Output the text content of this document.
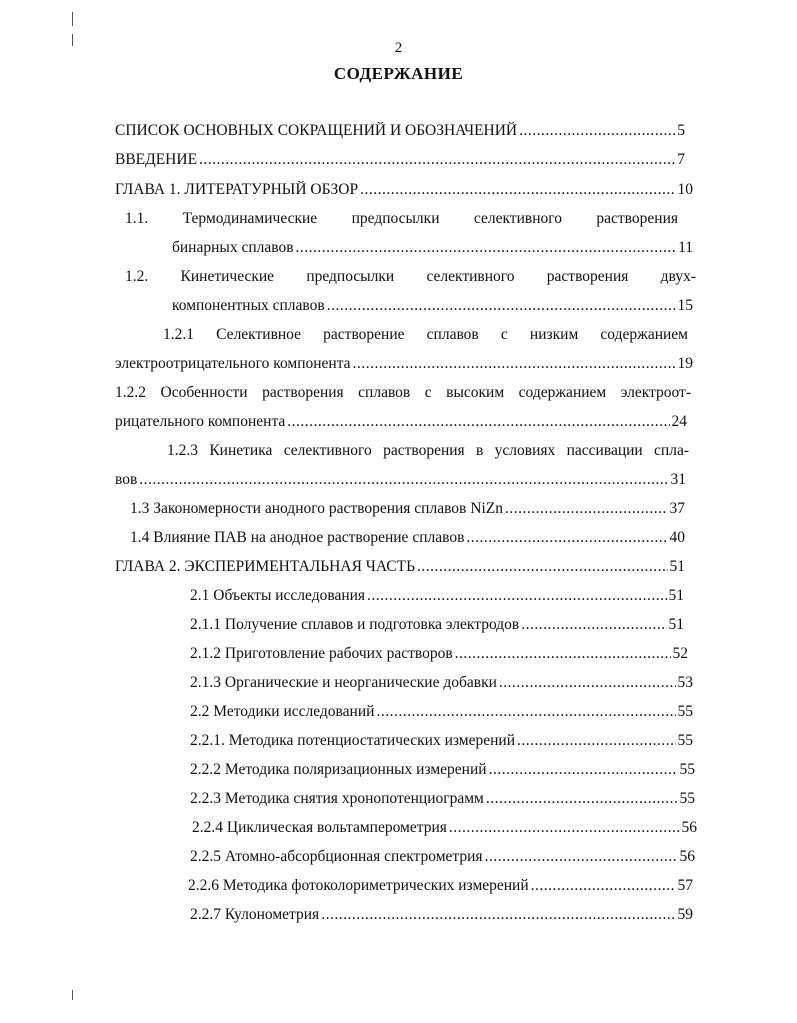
2
СОДЕРЖАНИЕ
СПИСОК ОСНОВНЫХ СОКРАЩЕНИЙ И ОБОЗНАЧЕНИЙ .....	5
ВВЕДЕНИЕ .....	7
ГЛАВА 1. ЛИТЕРАТУРНЫЙ ОБЗОР .....	10
1.1. Термодинамические предпосылки селективного растворения
бинарных сплавов .....	11
1.2. Кинетические предпосылки селективного растворения двух-
компонентных сплавов .....	15
1.2.1 Селективное растворение сплавов с низким содержанием
электроотрицательного компонента .....	19
1.2.2 Особенности растворения сплавов с высоким содержанием электроот-
рицательного компонента .....	24
1.2.3 Кинетика селективного растворения в условиях пассивации спла-
вов .....	31
1.3 Закономерности анодного растворения сплавов NiZn .....	37
1.4 Влияние ПАВ на анодное растворение сплавов .....	40
ГЛАВА 2. ЭКСПЕРИМЕНТАЛЬНАЯ ЧАСТЬ .....	51
2.1 Объекты исследования .....	51
2.1.1 Получение сплавов и подготовка электродов .....	51
2.1.2 Приготовление рабочих растворов .....	52
2.1.3 Органические и неорганические добавки .....	53
2.2 Методики исследований .....	55
2.2.1. Методика потенциостатических измерений .....	55
2.2.2 Методика поляризационных измерений .....	55
2.2.3 Методика снятия хронопотенциограмм .....	55
2.2.4 Циклическая вольтамперометрия .....	56
2.2.5 Атомно-абсорбционная спектрометрия .....	56
2.2.6 Методика фотоколориметрических измерений .....	57
2.2.7 Кулонометрия .....	59
